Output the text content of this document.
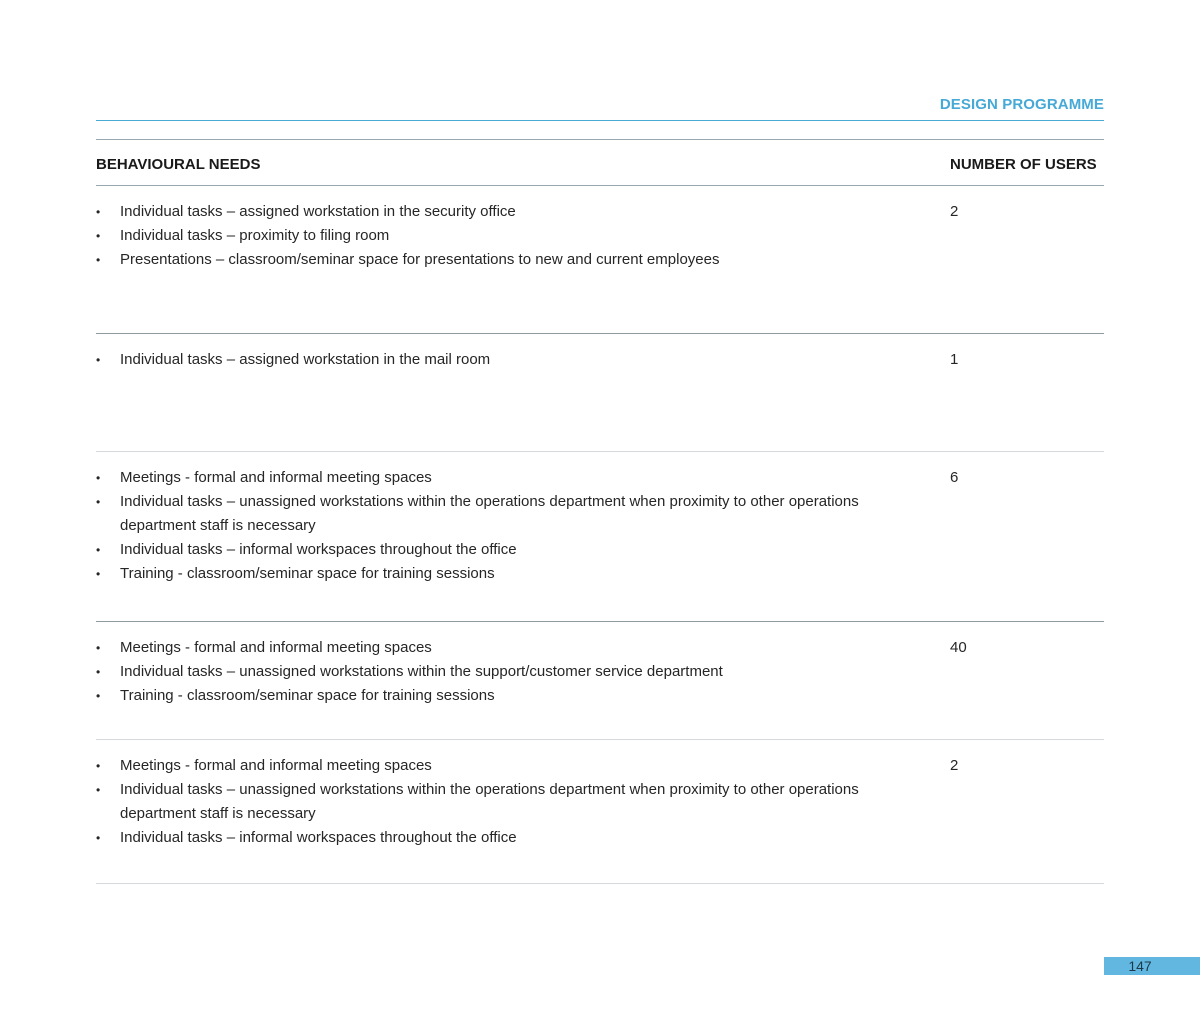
DESIGN PROGRAMME
BEHAVIOURAL NEEDS	NUMBER OF USERS
• Individual tasks – assigned workstation in the security office
• Individual tasks – proximity to filing room
• Presentations – classroom/seminar space for presentations to new and current employees
2
• Individual tasks – assigned workstation in the mail room	1
• Meetings - formal and informal meeting spaces
• Individual tasks – unassigned workstations within the operations department when proximity to other operations department staff is necessary
• Individual tasks – informal workspaces throughout the office
• Training - classroom/seminar space for training sessions
6
• Meetings - formal and informal meeting spaces
• Individual tasks – unassigned workstations within the support/customer service department
• Training - classroom/seminar space for training sessions
40
• Meetings - formal and informal meeting spaces
• Individual tasks – unassigned workstations within the operations department when proximity to other operations department staff is necessary
• Individual tasks – informal workspaces throughout the office
2
147
